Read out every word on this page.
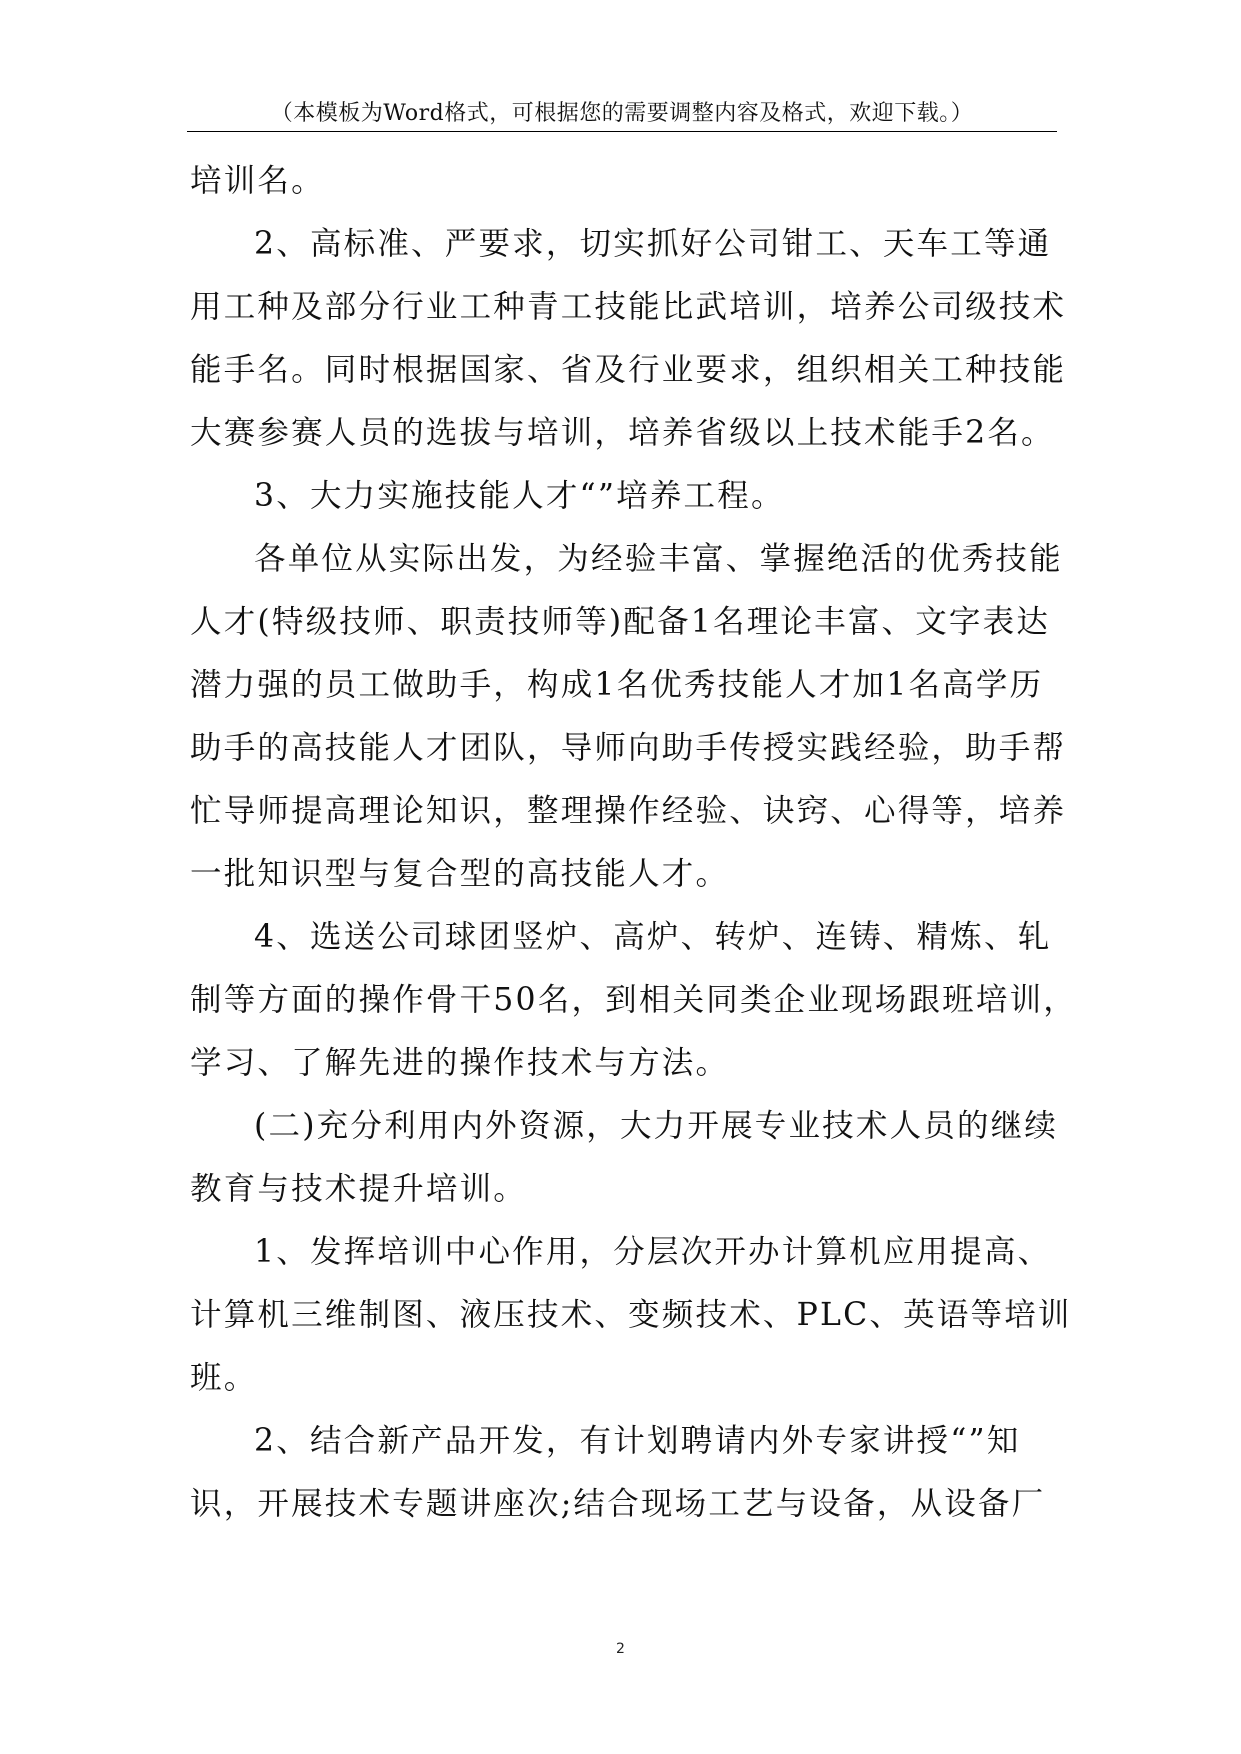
（本模板为Word格式，可根据您的需要调整内容及格式，欢迎下载。）
培训名。
2、高标准、严要求，切实抓好公司钳工、天车工等通
用工种及部分行业工种青工技能比武培训，培养公司级技术
能手名。同时根据国家、省及行业要求，组织相关工种技能
大赛参赛人员的选拔与培训，培养省级以上技术能手2名。
3、大力实施技能人才“”培养工程。
各单位从实际出发，为经验丰富、掌握绝活的优秀技能
人才(特级技师、职责技师等)配备1名理论丰富、文字表达
潜力强的员工做助手，构成1名优秀技能人才加1名高学历
助手的高技能人才团队，导师向助手传授实践经验，助手帮
忙导师提高理论知识，整理操作经验、诀窍、心得等，培养
一批知识型与复合型的高技能人才。
4、选送公司球团竖炉、高炉、转炉、连铸、精炼、轧
制等方面的操作骨干50名，到相关同类企业现场跟班培训，
学习、了解先进的操作技术与方法。
(二)充分利用内外资源，大力开展专业技术人员的继续
教育与技术提升培训。
1、发挥培训中心作用，分层次开办计算机应用提高、
计算机三维制图、液压技术、变频技术、PLC、英语等培训
班。
2、结合新产品开发，有计划聘请内外专家讲授“”知
识，开展技术专题讲座次;结合现场工艺与设备，从设备厂
2
